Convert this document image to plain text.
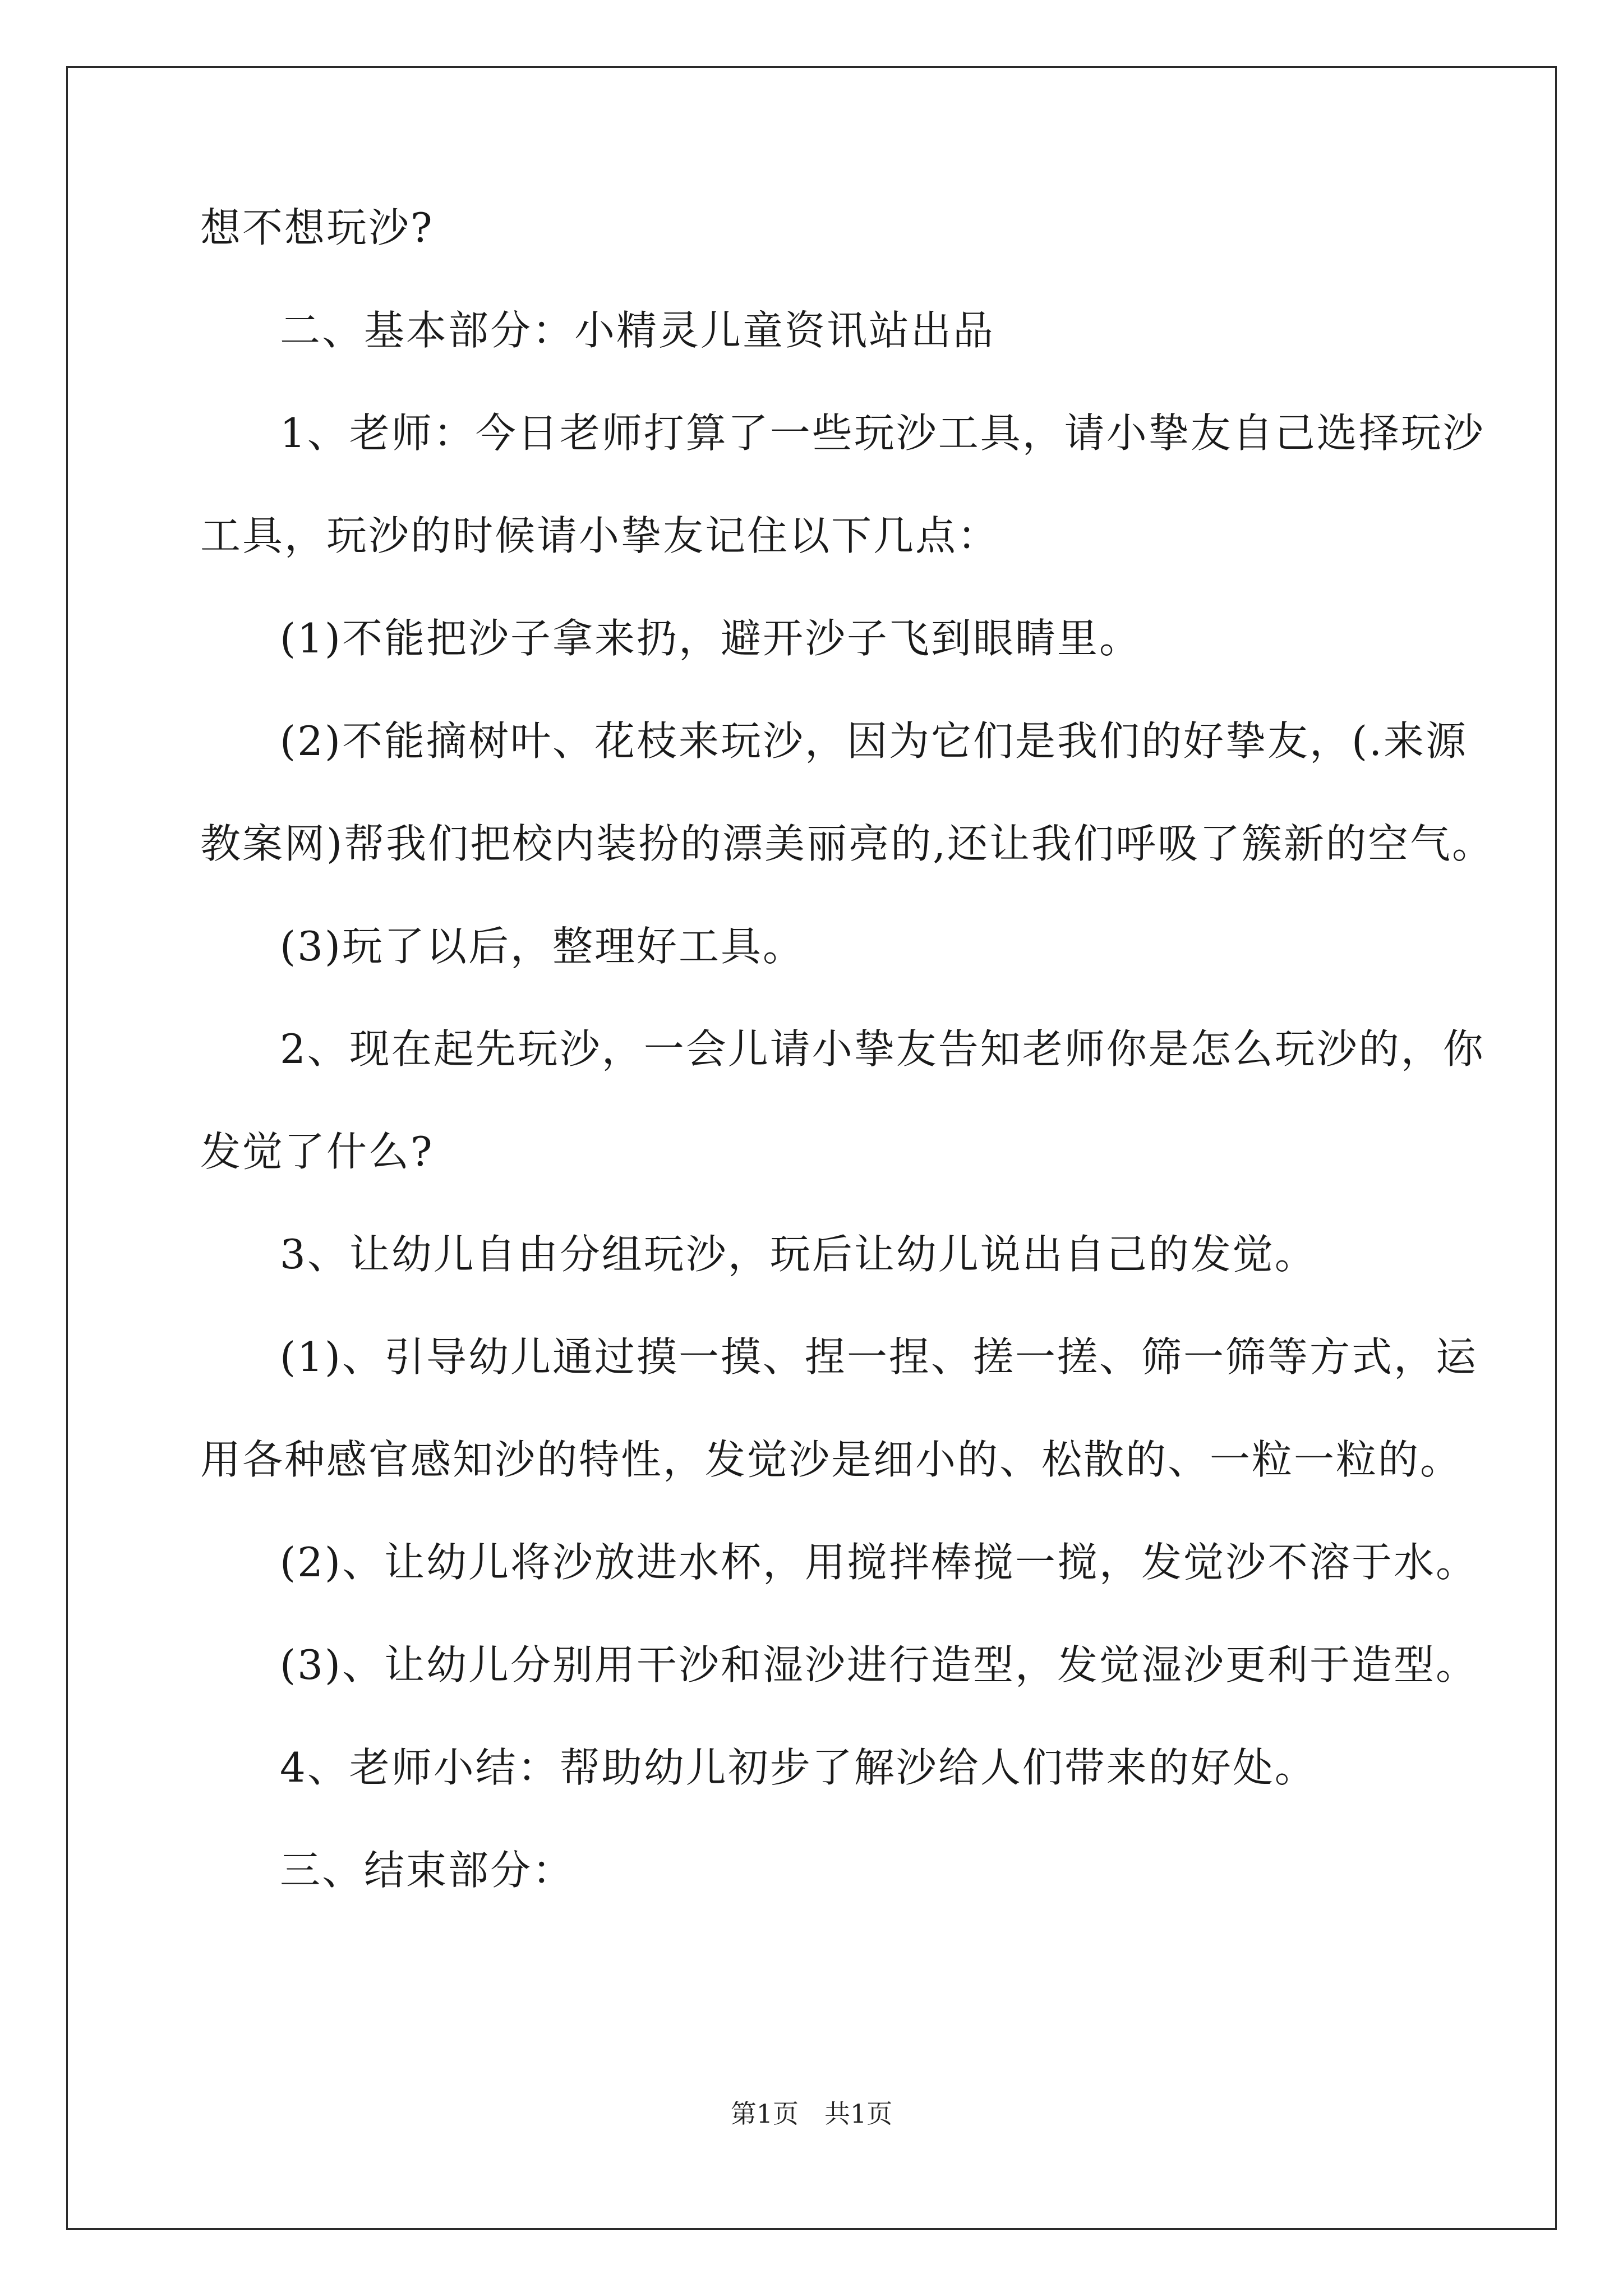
想不想玩沙?
二、基本部分：小精灵儿童资讯站出品
1、老师：今日老师打算了一些玩沙工具，请小挚友自己选择玩沙
工具，玩沙的时候请小挚友记住以下几点：
(1)不能把沙子拿来扔，避开沙子飞到眼睛里。
(2)不能摘树叶、花枝来玩沙，因为它们是我们的好挚友，(.来源
教案网)帮我们把校内装扮的漂美丽亮的,还让我们呼吸了簇新的空气。
(3)玩了以后，整理好工具。
2、现在起先玩沙，一会儿请小挚友告知老师你是怎么玩沙的，你
发觉了什么?
3、让幼儿自由分组玩沙，玩后让幼儿说出自己的发觉。
(1)、引导幼儿通过摸一摸、捏一捏、搓一搓、筛一筛等方式，运
用各种感官感知沙的特性，发觉沙是细小的、松散的、一粒一粒的。
(2)、让幼儿将沙放进水杯，用搅拌棒搅一搅，发觉沙不溶于水。
(3)、让幼儿分别用干沙和湿沙进行造型，发觉湿沙更利于造型。
4、老师小结：帮助幼儿初步了解沙给人们带来的好处。
三、结束部分：
第1页　共1页
